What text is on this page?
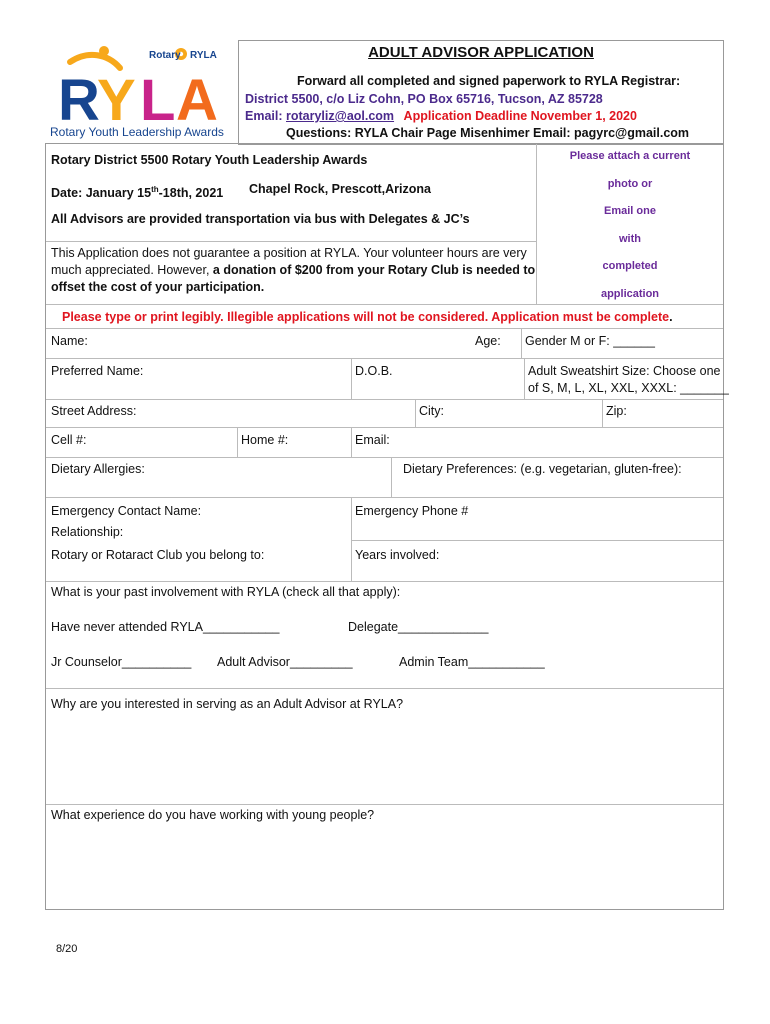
Rotary RYLA
R
Y L A
Rotary Youth Leadership Awards
ADULT ADVISOR APPLICATION
Forward all completed and signed paperwork to RYLA Registrar:
District 5500, c/o Liz Cohn, PO Box 65716, Tucson, AZ 85728
Email: rotaryliz@aol.com Application Deadline November 1, 2020
Questions: RYLA Chair Page Misenhimer Email: pagyrc@gmail.com
Rotary District 5500 Rotary Youth Leadership Awards
Date: January 15th-18th, 2021 Chapel Rock, Prescott,Arizona
All Advisors are provided transportation via bus with Delegates & JC’s
This Application does not guarantee a position at RYLA. Your volunteer hours are very
much appreciated. However, a donation of $200 from your Rotary Club is needed to
offset the cost of your participation.
Please attach a current
photo or
Email one
with
completed
application
Please type or print legibly. Illegible applications will not be considered. Application must be complete.
Name:	Age: Gender M or F: ______
Preferred Name:	D.O.B.	Adult Sweatshirt Size: Choose one
of S, M, L, XL, XXL, XXXL: _______
Street Address:	City:	Zip:
Cell #:	Home #:	Email:
Dietary Allergies:	Dietary Preferences: (e.g. vegetarian, gluten-free):
Emergency Contact Name:
Relationship:
Emergency Phone #
Rotary or Rotaract Club you belong to:	Years involved:
What is your past involvement with RYLA (check all that apply):
Have never attended RYLA___________	Delegate_____________
Jr Counselor__________ Adult Advisor_________	Admin Team___________
Why are you interested in serving as an Adult Advisor at RYLA?
What experience do you have working with young people?
8/20
